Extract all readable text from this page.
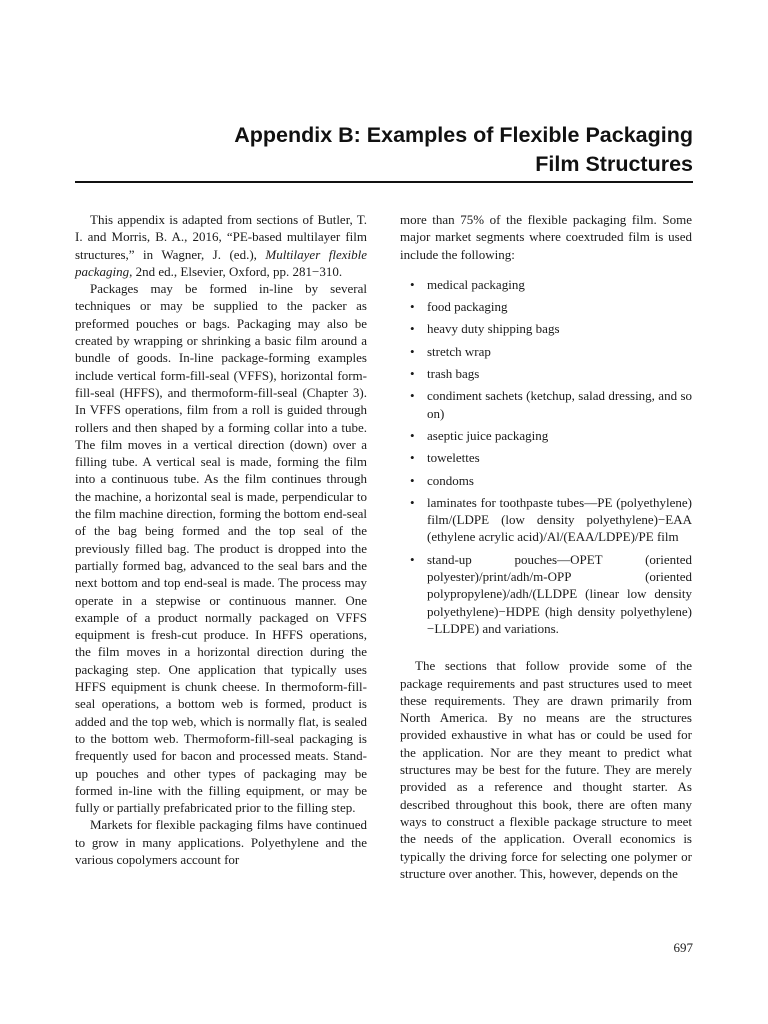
Appendix B: Examples of Flexible Packaging
Film Structures

This appendix is adapted from sections of Butler, T. I. and Morris, B. A., 2016, “PE-based multilayer film structures,” in Wagner, J. (ed.), Multilayer flexible packaging, 2nd ed., Elsevier, Oxford, pp. 281−310.

Packages may be formed in-line by several techniques or may be supplied to the packer as preformed pouches or bags. Packaging may also be created by wrapping or shrinking a basic film around a bundle of goods. In-line package-forming examples include vertical form-fill-seal (VFFS), horizontal form-fill-seal (HFFS), and thermoform-fill-seal (Chapter 3). In VFFS operations, film from a roll is guided through rollers and then shaped by a forming collar into a tube. The film moves in a vertical direction (down) over a filling tube. A vertical seal is made, forming the film into a continuous tube. As the film continues through the machine, a horizontal seal is made, perpendicular to the film machine direction, forming the bottom end-seal of the bag being formed and the top seal of the previously filled bag. The product is dropped into the partially formed bag, advanced to the seal bars and the next bottom and top end-seal is made. The process may operate in a stepwise or continuous manner. One example of a product normally packaged on VFFS equipment is fresh-cut produce. In HFFS operations, the film moves in a horizontal direction during the packaging step. One application that typically uses HFFS equipment is chunk cheese. In thermoform-fill-seal operations, a bottom web is formed, product is added and the top web, which is normally flat, is sealed to the bottom web. Thermoform-fill-seal packaging is frequently used for bacon and processed meats. Stand-up pouches and other types of packaging may be formed in-line with the filling equipment, or may be fully or partially prefabricated prior to the filling step.

Markets for flexible packaging films have continued to grow in many applications. Polyethylene and the various copolymers account for

more than 75% of the flexible packaging film. Some major market segments where coextruded film is used include the following:

• medical packaging
• food packaging
• heavy duty shipping bags
• stretch wrap
• trash bags
• condiment sachets (ketchup, salad dressing, and so on)
• aseptic juice packaging
• towelettes
• condoms
• laminates for toothpaste tubes—PE (polyethylene) film/(LDPE (low density polyethylene)−EAA (ethylene acrylic acid)/Al/(EAA/LDPE)/PE film
• stand-up pouches—OPET (oriented polyester)/print/adh/m-OPP (oriented polypropylene)/adh/(LLDPE (linear low density polyethylene)−HDPE (high density polyethylene)−LLDPE) and variations.

The sections that follow provide some of the package requirements and past structures used to meet these requirements. They are drawn primarily from North America. By no means are the structures provided exhaustive in what has or could be used for the application. Nor are they meant to predict what structures may be best for the future. They are merely provided as a reference and thought starter. As described throughout this book, there are often many ways to construct a flexible package structure to meet the needs of the application. Overall economics is typically the driving force for selecting one polymer or structure over another. This, however, depends on the

697
